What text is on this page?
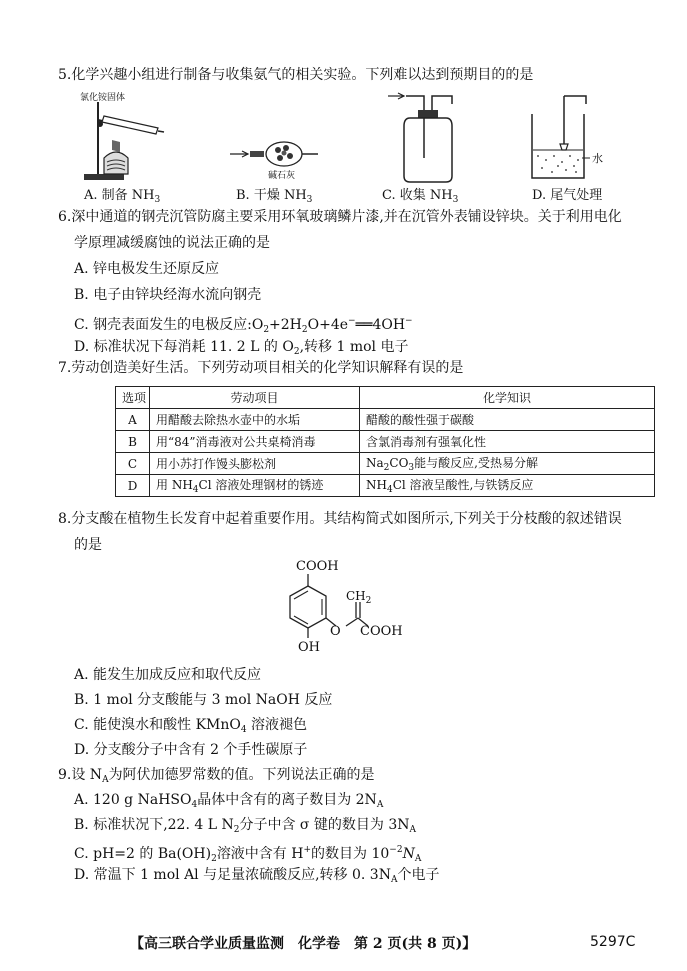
5.化学兴趣小组进行制备与收集氨气的相关实验。下列难以达到预期目的的是
氯化铵固体
碱石灰
水
A. 制备 $NH_3$	B. 干燥 $NH_3$	C. 收集 $NH_3$	D. 尾气处理
6.深中通道的钢壳沉管防腐主要采用环氧玻璃鳞片漆,并在沉管外表铺设锌块。关于利用电化
学原理减缓腐蚀的说法正确的是
A. 锌电极发生还原反应
B. 电子由锌块经海水流向钢壳
C. 钢壳表面发生的电极反应$:O_2+2H_2O+4e^-══4OH^-$
D. 标准状况下每消耗 11. 2 L 的 $O_2$,转移 1 mol 电子
7.劳动创造美好生活。下列劳动项目相关的化学知识解释有误的是
选项	劳动项目	化学知识
A	用醋酸去除热水壶中的水垢	醋酸的酸性强于碳酸
B	用“84”消毒液对公共桌椅消毒	含氯消毒剂有强氧化性
C	用小苏打作馒头膨松剂	$Na_2CO_3$能与酸反应,受热易分解
D	用 $NH_4Cl$ 溶液处理钢材的锈迹	$NH_4Cl$ 溶液呈酸性,与铁锈反应
8.分支酸在植物生长发育中起着重要作用。其结构简式如图所示,下列关于分枝酸的叙述错误
的是
COOH
$CH_2$
O COOH
OH
A. 能发生加成反应和取代反应
B. 1 mol 分支酸能与 3 mol NaOH 反应
C. 能使溴水和酸性 KMnO$_4$ 溶液褪色
D. 分支酸分子中含有 2 个手性碳原子
9.设 $N_A$为阿伏加德罗常数的值。下列说法正确的是
A. 120 g NaHSO$_4$晶体中含有的离子数目为 $2N_A$
B. 标准状况下,22. 4 L $N_2$分子中含 σ 键的数目为 $3N_A$
C. pH=2 的 $Ba(OH)_2$溶液中含有 H+的数目为 $10^{-2}N_A$
D. 常温下 1 mol Al 与足量浓硫酸反应,转移 0. $3N_A$个电子
【高三联合学业质量监测　化学卷　第 2 页(共 8 页)】	5297C
